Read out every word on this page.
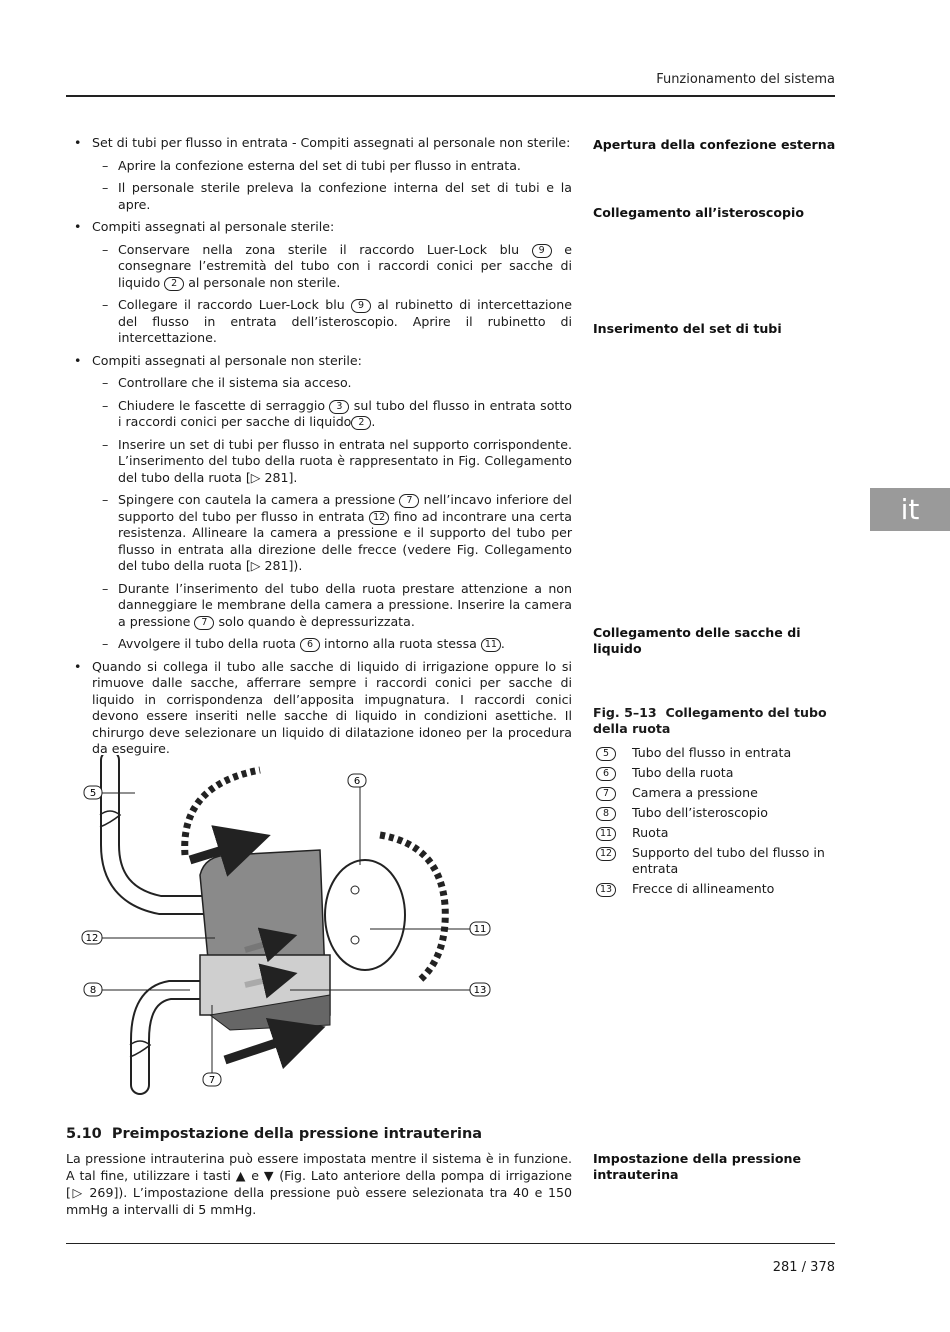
Funzionamento del sistema
it
• Set di tubi per flusso in entrata - Compiti assegnati al personale non sterile:
– Aprire la confezione esterna del set di tubi per flusso in entrata.
– Il personale sterile preleva la confezione interna del set di tubi e la apre.
• Compiti assegnati al personale sterile:
– Conservare nella zona sterile il raccordo Luer-Lock blu 9 e consegnare l’estremità del tubo con i raccordi conici per sacche di liquido 2 al personale non sterile.
– Collegare il raccordo Luer-Lock blu 9 al rubinetto di intercettazione del flusso in entrata dell’isteroscopio. Aprire il rubinetto di intercettazione.
• Compiti assegnati al personale non sterile:
– Controllare che il sistema sia acceso.
– Chiudere le fascette di serraggio 3 sul tubo del flusso in entrata sotto i raccordi conici per sacche di liquido 2 .
– Inserire un set di tubi per flusso in entrata nel supporto corrispondente. L’inserimento del tubo della ruota è rappresentato in Fig. Collegamento del tubo della ruota [▷ 281].
– Spingere con cautela la camera a pressione 7 nell’incavo inferiore del supporto del tubo per flusso in entrata 12 fino ad incontrare una certa resistenza. Allineare la camera a pressione e il supporto del tubo per flusso in entrata alla direzione delle frecce (vedere Fig. Collegamento del tubo della ruota [▷ 281]).
– Durante l’inserimento del tubo della ruota prestare attenzione a non danneggiare le membrane della camera a pressione. Inserire la camera a pressione 7 solo quando è depressurizzata.
– Avvolgere il tubo della ruota 6 intorno alla ruota stessa 11 .
• Quando si collega il tubo alle sacche di liquido di irrigazione oppure lo si rimuove dalle sacche, afferrare sempre i raccordi conici per sacche di liquido in corrispondenza dell’apposita impugnatura. I raccordi conici devono essere inseriti nelle sacche di liquido in condizioni asettiche. Il chirurgo deve selezionare un liquido di dilatazione idoneo per la procedura da eseguire.
Apertura della confezione esterna
Collegamento all’isteroscopio
Inserimento del set di tubi
Collegamento delle sacche di liquido
Impostazione della pressione intrauterina
Fig. 5–13 Collegamento del tubo della ruota
5	Tubo del flusso in entrata
6	Tubo della ruota
7	Camera a pressione
8	Tubo dell’isteroscopio
11	Ruota
12	Supporto del tubo del flusso in entrata
13	Frecce di allineamento
5
6
12
11
8	13
7
5.10 Preimpostazione della pressione intrauterina
La pressione intrauterina può essere impostata mentre il sistema è in funzione. A tal fine, utilizzare i tasti ▲ e ▼ (Fig. Lato anteriore della pompa di irrigazione [▷ 269]). L’impostazione della pressione può essere selezionata tra 40 e 150 mmHg a intervalli di 5 mmHg.
281 / 378
